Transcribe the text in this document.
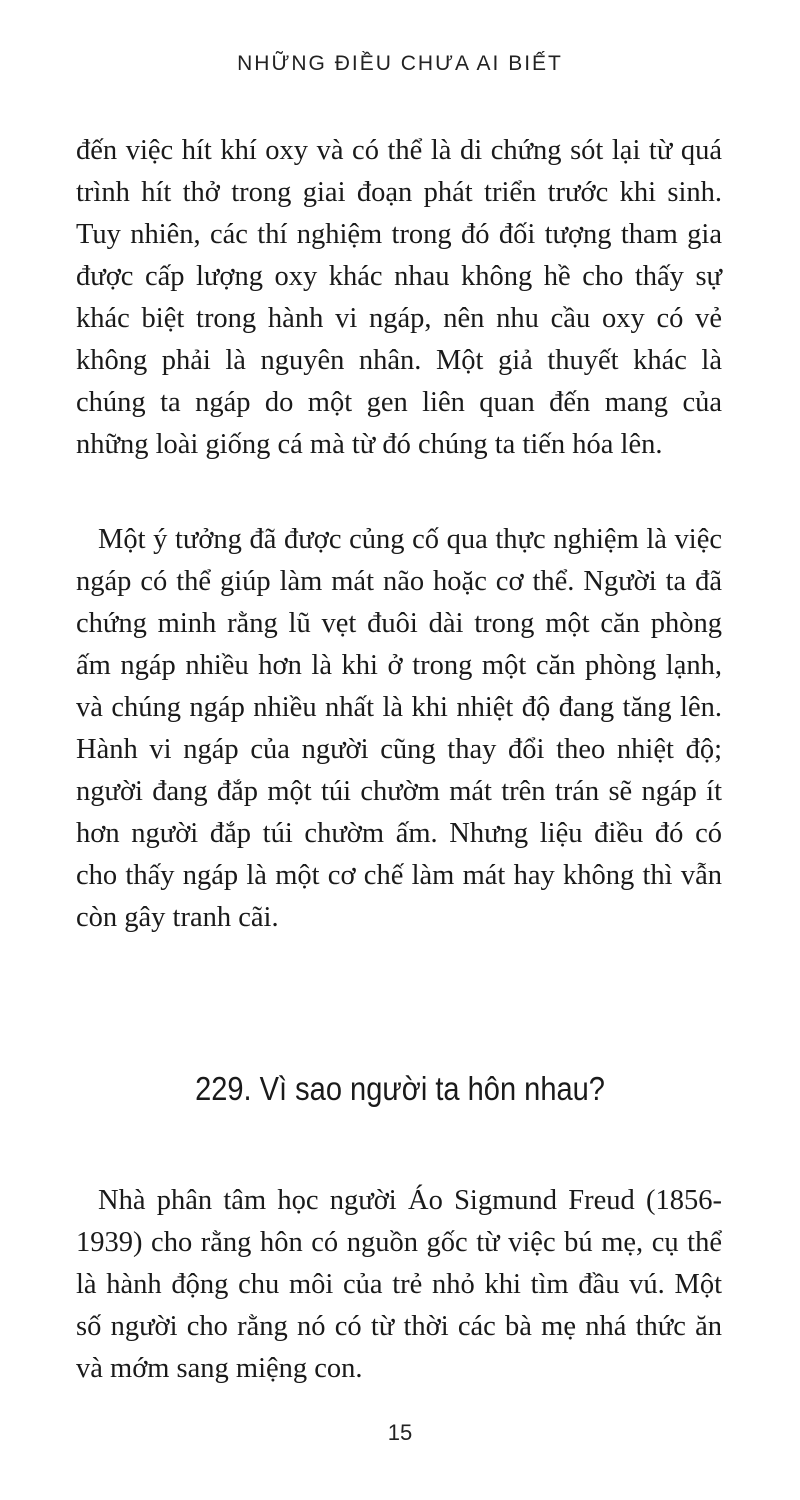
NHỮNG ĐIỀU CHƯA AI BIẾT

đến việc hít khí oxy và có thể là di chứng sót lại từ quá trình hít thở trong giai đoạn phát triển trước khi sinh. Tuy nhiên, các thí nghiệm trong đó đối tượng tham gia được cấp lượng oxy khác nhau không hề cho thấy sự khác biệt trong hành vi ngáp, nên nhu cầu oxy có vẻ không phải là nguyên nhân. Một giả thuyết khác là chúng ta ngáp do một gen liên quan đến mang của những loài giống cá mà từ đó chúng ta tiến hóa lên.

Một ý tưởng đã được củng cố qua thực nghiệm là việc ngáp có thể giúp làm mát não hoặc cơ thể. Người ta đã chứng minh rằng lũ vẹt đuôi dài trong một căn phòng ấm ngáp nhiều hơn là khi ở trong một căn phòng lạnh, và chúng ngáp nhiều nhất là khi nhiệt độ đang tăng lên. Hành vi ngáp của người cũng thay đổi theo nhiệt độ; người đang đắp một túi chườm mát trên trán sẽ ngáp ít hơn người đắp túi chườm ấm. Nhưng liệu điều đó có cho thấy ngáp là một cơ chế làm mát hay không thì vẫn còn gây tranh cãi.

229. Vì sao người ta hôn nhau?

Nhà phân tâm học người Áo Sigmund Freud (1856-1939) cho rằng hôn có nguồn gốc từ việc bú mẹ, cụ thể là hành động chu môi của trẻ nhỏ khi tìm đầu vú. Một số người cho rằng nó có từ thời các bà mẹ nhá thức ăn và mớm sang miệng con.

15
